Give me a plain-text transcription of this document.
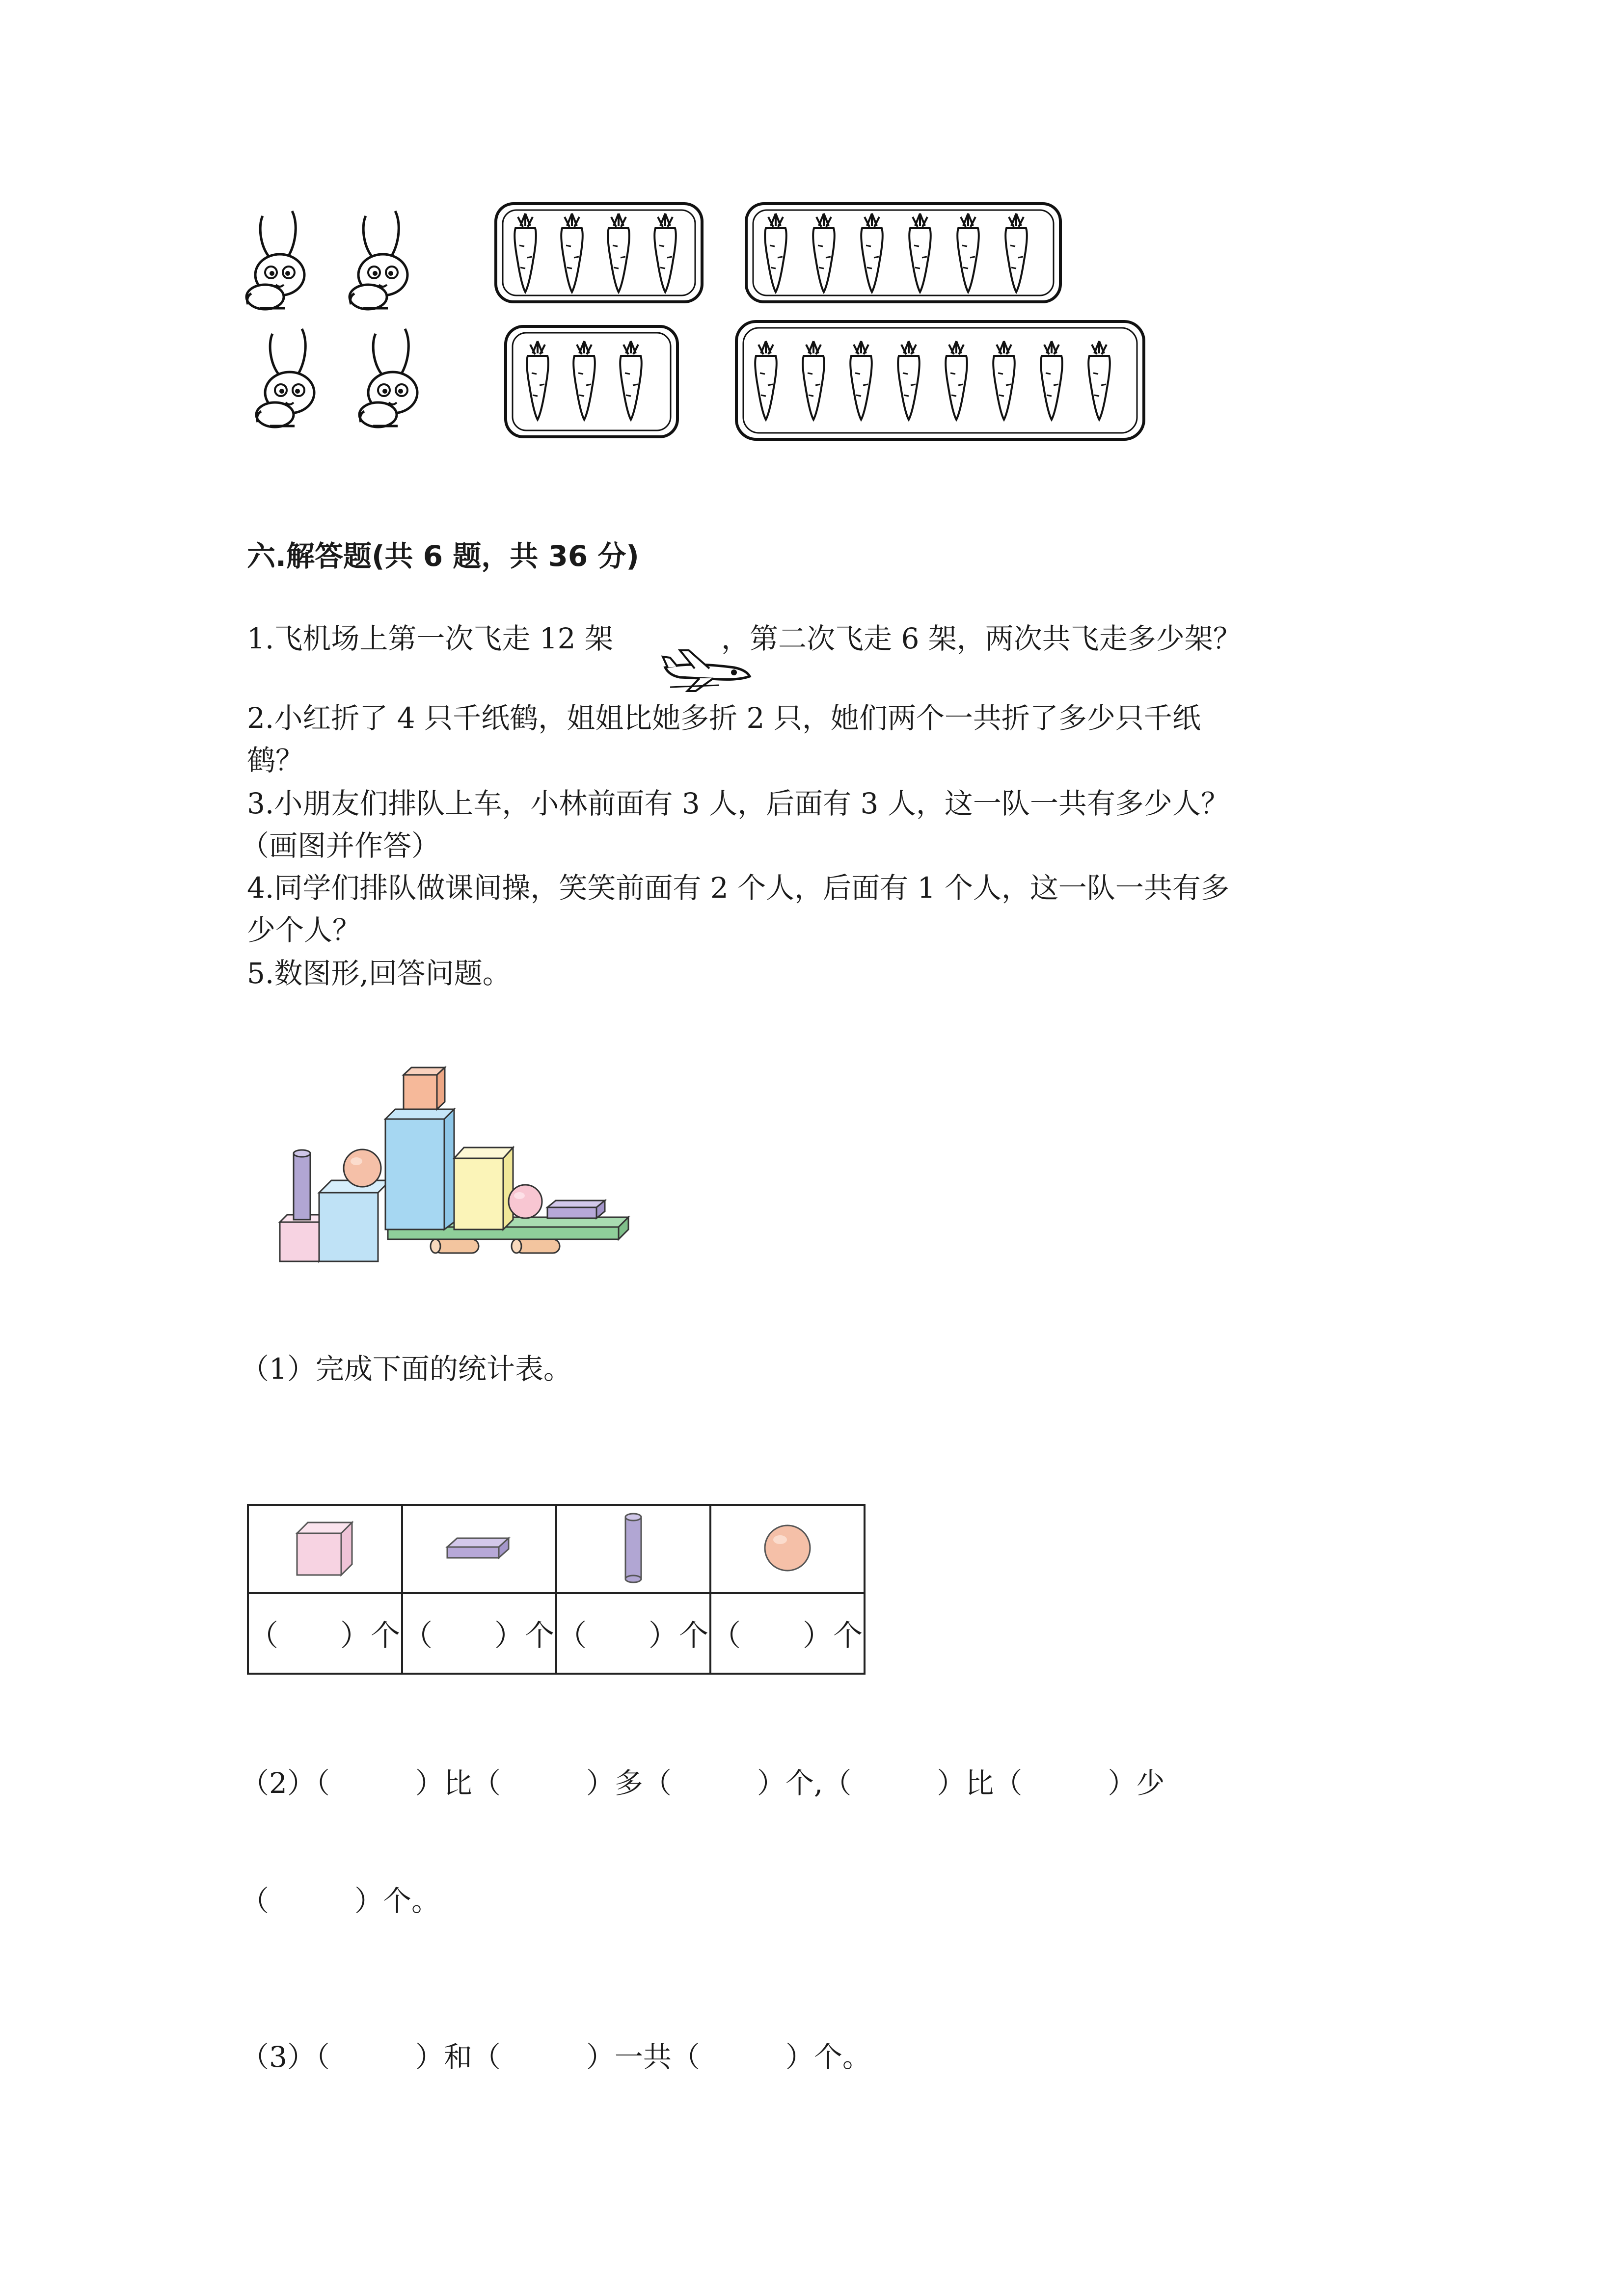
六.解答题(共 6 题，共 36 分)
1.飞机场上第一次飞走 12 架	，第二次飞走 6 架，两次共飞走多少架？
2.小红折了 4 只千纸鹤，姐姐比她多折 2 只，她们两个一共折了多少只千纸
鹤？
3.小朋友们排队上车，小林前面有 3 人，后面有 3 人，这一队一共有多少人？
（画图并作答）
4.同学们排队做课间操，笑笑前面有 2 个人，后面有 1 个人，这一队一共有多
少个人？
5.数图形,回答问题。
（1）完成下面的统计表。

（　　）个	（　　）个	（　　）个	（　　）个
（2）（　　　）比（　　　）多（　　　）个,（　　　）比（　　　）少
（　　　）个。
（3）（　　　）和（　　　）一共（　　　）个。
